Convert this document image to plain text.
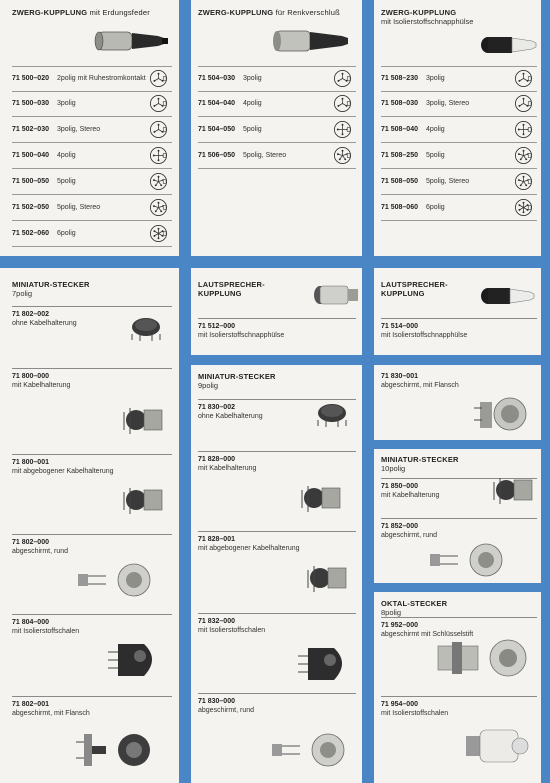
ZWERG-KUPPLUNG mit Erdungsfeder
71 500–020 2polig mit Ruhestromkontakt
71 500–030 3polig
71 502–030 3polig, Stereo
71 500–040 4polig
71 500–050 5polig
71 502–050 5polig, Stereo
71 502–060 6polig
ZWERG-KUPPLUNG für Renkverschluß
71 504–030 3polig
71 504–040 4polig
71 504–050 5polig
71 506–050 5polig, Stereo
ZWERG-KUPPLUNG
mit Isolierstoffschnapphülse
71 508–230 3polig
71 508–030 3polig, Stereo
71 508–040 4polig
71 508–250 5polig
71 508–050 5polig, Stereo
71 508–060 6polig
MINIATUR-STECKER
7polig
71 802–002
ohne Kabelhalterung
71 800–000
mit Kabelhalterung
71 800–001
mit abgebogener Kabelhalterung
71 802–000
abgeschirmt, rund
71 804–000
mit Isolierstoffschalen
71 802–001
abgeschirmt, mit Flansch
LAUTSPRECHER-
KUPPLUNG
71 512–000
mit Isolierstoffschnapphülse
LAUTSPRECHER-
KUPPLUNG
71 514–000
mit Isolierstoffschnapphülse
MINIATUR-STECKER
9polig
71 830–002
ohne Kabelhalterung
71 828–000
mit Kabelhalterung
71 828–001
mit abgebogener Kabelhalterung
71 832–000
mit Isolierstoffschalen
71 830–000
abgeschirmt, rund
71 830–001
abgeschirmt, mit Flansch
MINIATUR-STECKER
10polig
71 850–000
mit Kabelhalterung
71 852–000
abgeschirmt, rund
OKTAL-STECKER
8polig
71 952–000
abgeschirmt mit Schlüsselstift
71 954–000
mit Isolierstoffschalen
